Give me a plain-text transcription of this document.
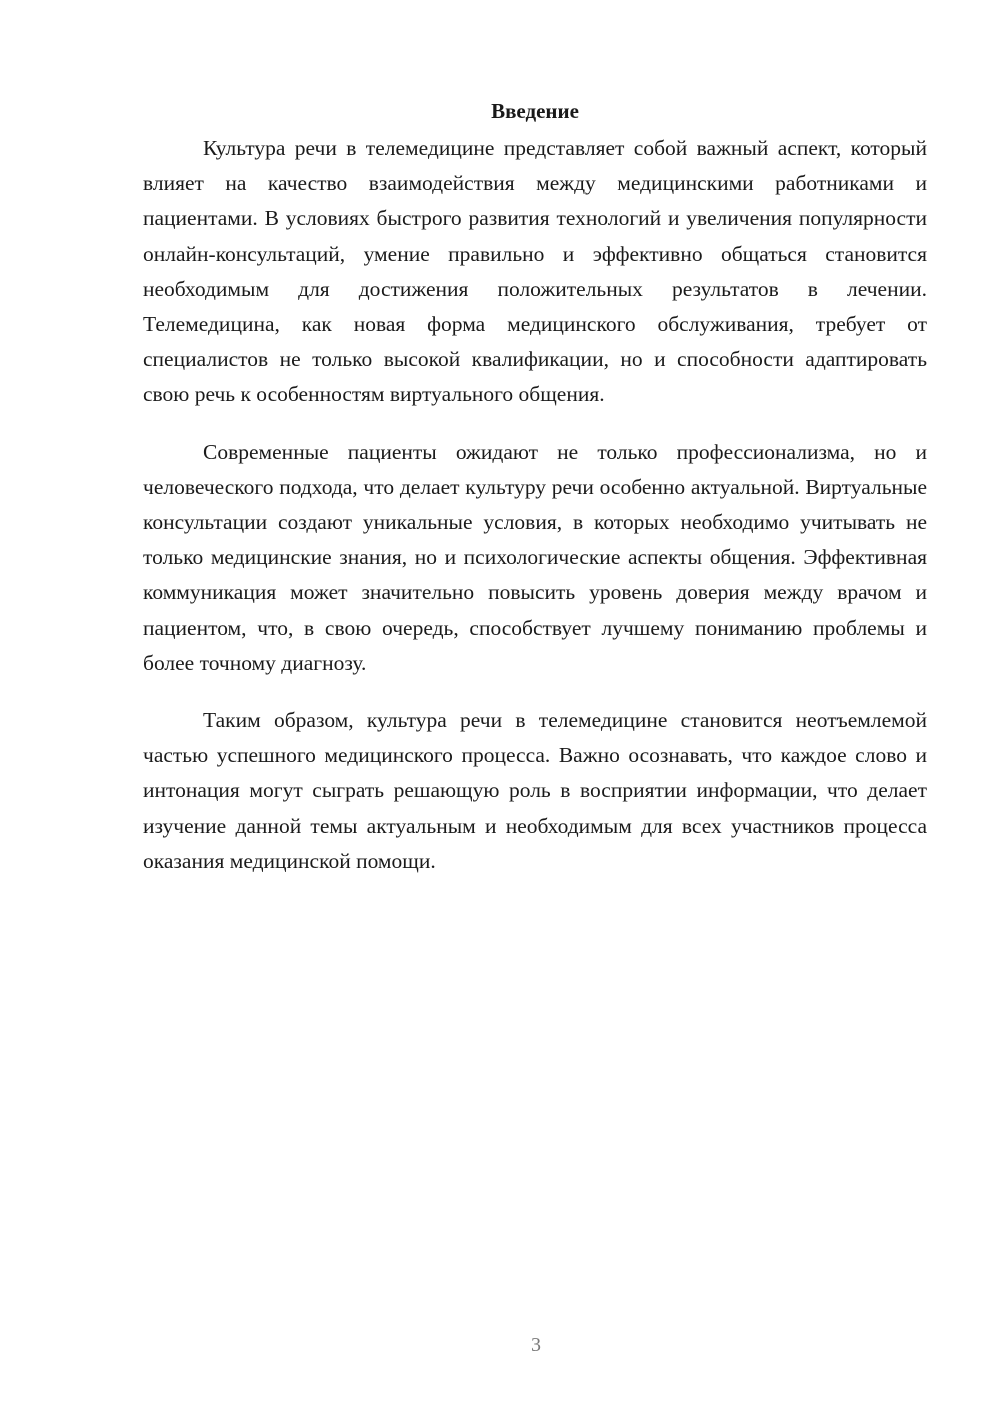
Введение

Культура речи в телемедицине представляет собой важный аспект, который влияет на качество взаимодействия между медицинскими работниками и пациентами. В условиях быстрого развития технологий и увеличения популярности онлайн-консультаций, умение правильно и эффективно общаться становится необходимым для достижения положительных результатов в лечении. Телемедицина, как новая форма медицинского обслуживания, требует от специалистов не только высокой квалификации, но и способности адаптировать свою речь к особенностям виртуального общения.

Современные пациенты ожидают не только профессионализма, но и человеческого подхода, что делает культуру речи особенно актуальной. Виртуальные консультации создают уникальные условия, в которых необходимо учитывать не только медицинские знания, но и психологические аспекты общения. Эффективная коммуникация может значительно повысить уровень доверия между врачом и пациентом, что, в свою очередь, способствует лучшему пониманию проблемы и более точному диагнозу.

Таким образом, культура речи в телемедицине становится неотъемлемой частью успешного медицинского процесса. Важно осознавать, что каждое слово и интонация могут сыграть решающую роль в восприятии информации, что делает изучение данной темы актуальным и необходимым для всех участников процесса оказания медицинской помощи.

3
